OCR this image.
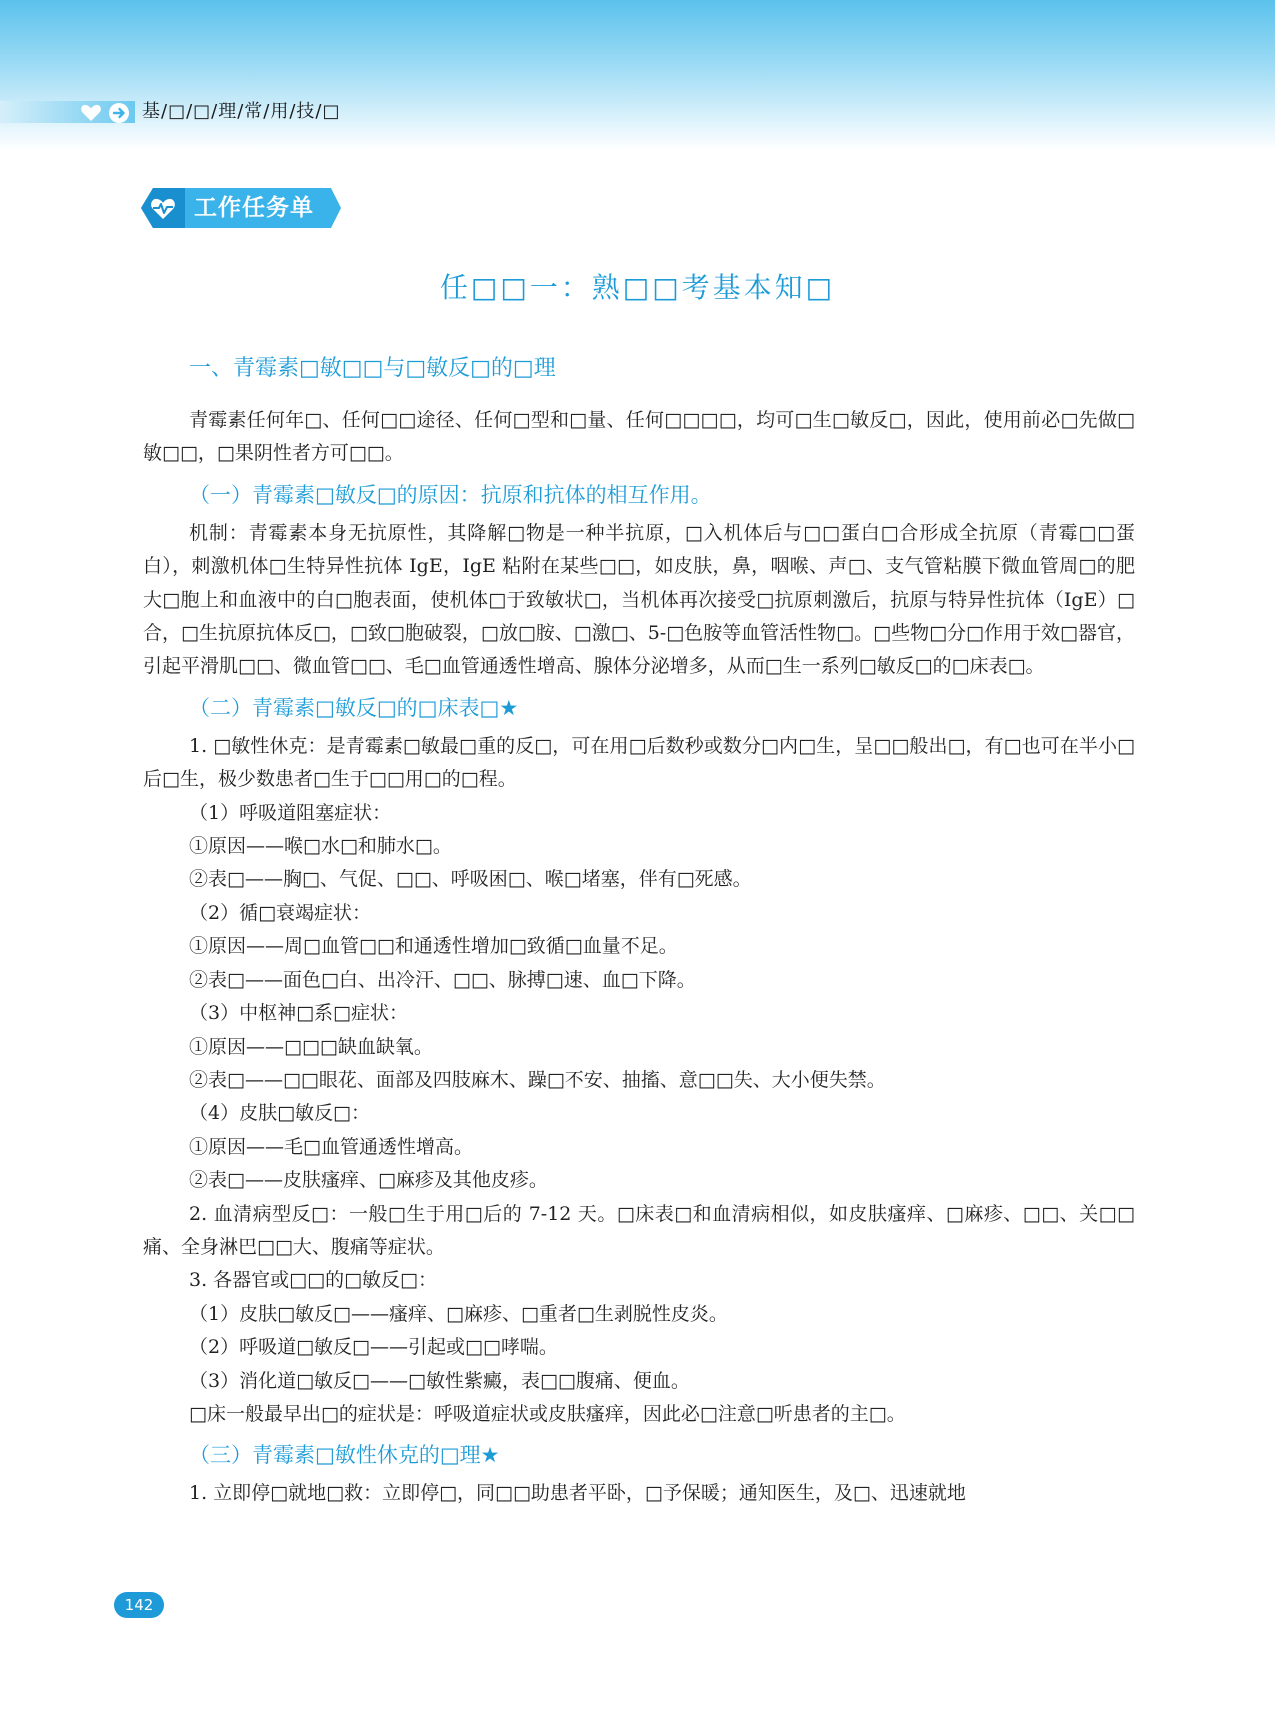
基/□/□/理/常/用/技/□
工作任务单
任□□一：熟□□考基本知□
一、青霉素□敏□□与□敏反□的□理

青霉素任何年□、任何□□途径、任何□型和□量、任何□□□□，均可□生□敏反□，因此，使用前必□先做□敏□□，□果阴性者方可□□。

（一）青霉素□敏反□的原因：抗原和抗体的相互作用。

机制：青霉素本身无抗原性，其降解□物是一种半抗原，□入机体后与□□蛋白□合形成全抗原（青霉□□蛋白），刺激机体□生特异性抗体 IgE，IgE 粘附在某些□□，如皮肤，鼻，咽喉、声□、支气管粘膜下微血管周□的肥大□胞上和血液中的白□胞表面，使机体□于致敏状□，当机体再次接受□抗原刺激后，抗原与特异性抗体（IgE）□合，□生抗原抗体反□，□致□胞破裂，□放□胺、□激□、5-□色胺等血管活性物□。□些物□分□作用于效□器官，引起平滑肌□□、微血管□□、毛□血管通透性增高、腺体分泌增多，从而□生一系列□敏反□的□床表□。

（二）青霉素□敏反□的□床表□★

1. □敏性休克：是青霉素□敏最□重的反□，可在用□后数秒或数分□内□生，呈□□般出□，有□也可在半小□后□生，极少数患者□生于□□用□的□程。

（1）呼吸道阻塞症状：

①原因——喉□水□和肺水□。

②表□——胸□、气促、□□、呼吸困□、喉□堵塞，伴有□死感。

（2）循□衰竭症状：

①原因——周□血管□□和通透性增加□致循□血量不足。

②表□——面色□白、出冷汗、□□、脉搏□速、血□下降。

（3）中枢神□系□症状：

①原因——□□□缺血缺氧。

②表□——□□眼花、面部及四肢麻木、躁□不安、抽搐、意□□失、大小便失禁。

（4）皮肤□敏反□：

①原因——毛□血管通透性增高。

②表□——皮肤瘙痒、□麻疹及其他皮疹。

2. 血清病型反□：一般□生于用□后的 7-12 天。□床表□和血清病相似，如皮肤瘙痒、□麻疹、□□、关□□痛、全身淋巴□□大、腹痛等症状。

3. 各器官或□□的□敏反□：

（1）皮肤□敏反□——瘙痒、□麻疹、□重者□生剥脱性皮炎。

（2）呼吸道□敏反□——引起或□□哮喘。

（3）消化道□敏反□——□敏性紫癜，表□□腹痛、便血。

□床一般最早出□的症状是：呼吸道症状或皮肤瘙痒，因此必□注意□听患者的主□。

（三）青霉素□敏性休克的□理★

1. 立即停□就地□救：立即停□，同□□助患者平卧，□予保暖；通知医生，及□、迅速就地

142
